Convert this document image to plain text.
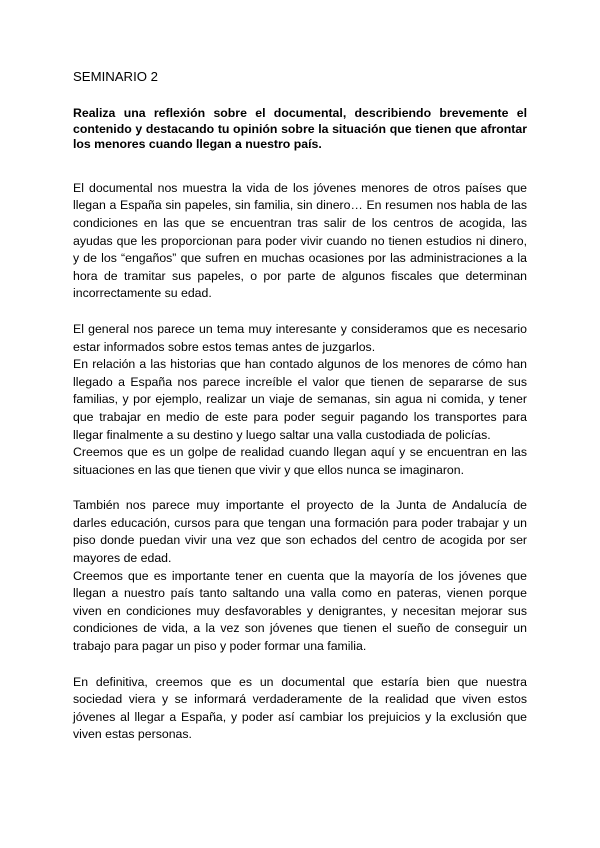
SEMINARIO 2

Realiza una reflexión sobre el documental, describiendo brevemente el contenido y destacando tu opinión sobre la situación que tienen que afrontar los menores cuando llegan a nuestro país.

El documental nos muestra la vida de los jóvenes menores de otros países que llegan a España sin papeles, sin familia, sin dinero… En resumen nos habla de las condiciones en las que se encuentran tras salir de los centros de acogida, las ayudas que les proporcionan para poder vivir cuando no tienen estudios ni dinero, y de los “engaños” que sufren en muchas ocasiones por las administraciones a la hora de tramitar sus papeles, o por parte de algunos fiscales que determinan incorrectamente su edad.

El general nos parece un tema muy interesante y consideramos que es necesario estar informados sobre estos temas antes de juzgarlos.

En relación a las historias que han contado algunos de los menores de cómo han llegado a España nos parece increíble el valor que tienen de separarse de sus familias, y por ejemplo, realizar un viaje de semanas, sin agua ni comida, y tener que trabajar en medio de este para poder seguir pagando los transportes para llegar finalmente a su destino y luego saltar una valla custodiada de policías.

Creemos que es un golpe de realidad cuando llegan aquí y se encuentran en las situaciones en las que tienen que vivir y que ellos nunca se imaginaron.

También nos parece muy importante el proyecto de la Junta de Andalucía de darles educación, cursos para que tengan una formación para poder trabajar y un piso donde puedan vivir una vez que son echados del centro de acogida por ser mayores de edad.

Creemos que es importante tener en cuenta que la mayoría de los jóvenes que llegan a nuestro país tanto saltando una valla como en pateras, vienen porque viven en condiciones muy desfavorables y denigrantes, y necesitan mejorar sus condiciones de vida, a la vez son jóvenes que tienen el sueño de conseguir un trabajo para pagar un piso y poder formar una familia.

En definitiva, creemos que es un documental que estaría bien que nuestra sociedad viera y se informará verdaderamente de la realidad que viven estos jóvenes al llegar a España, y poder así cambiar los prejuicios y la exclusión que viven estas personas.
